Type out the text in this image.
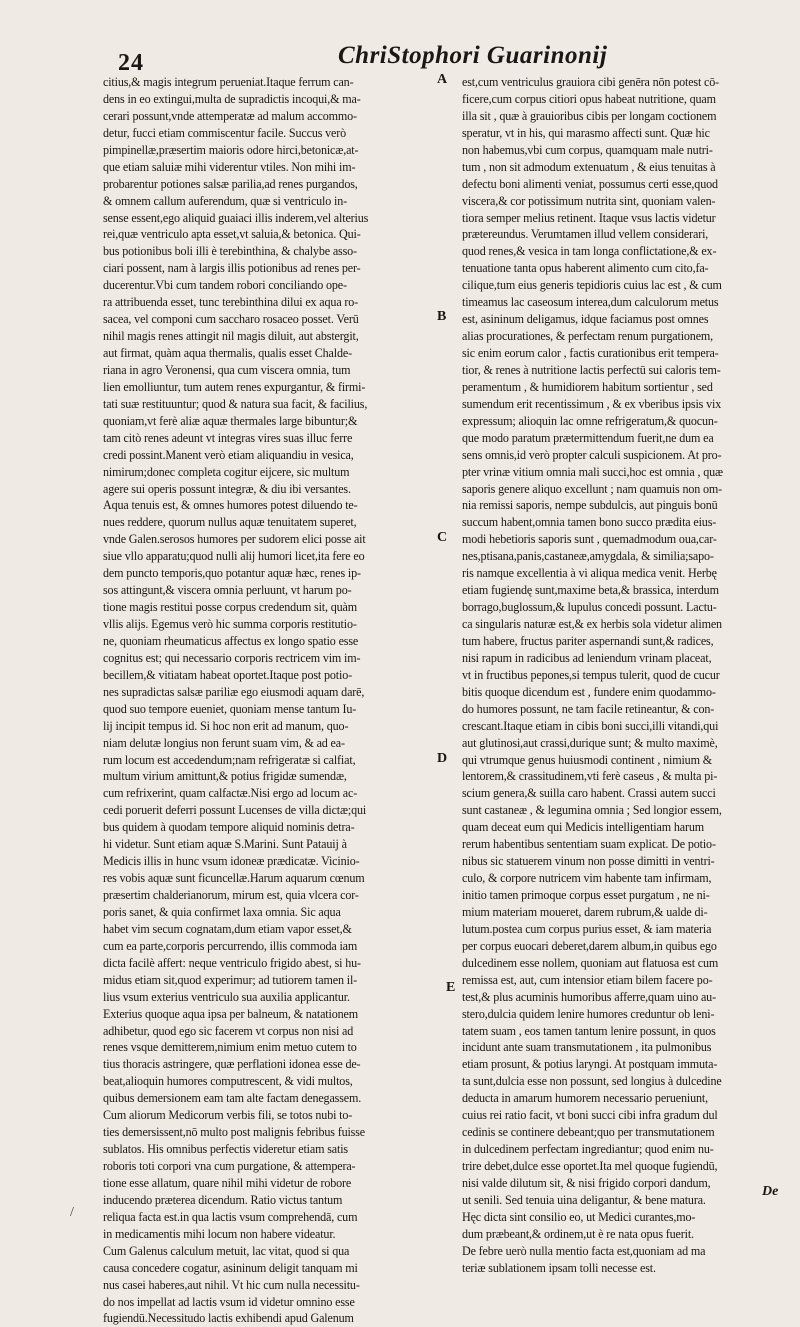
24	ChriStophori Guarinonij
citius,& magis integrum perueniat.Itaque ferrum can-
dens in eo extingui,multa de supradictis incoqui,& ma-
cerari possunt,vnde attemperatæ ad malum accommo-
detur, fucci etiam commiscentur facile. Succus verò
pimpinellæ,præsertim maioris odore hirci,betonicæ,at-
que etiam saluiæ mihi viderentur vtiles. Non mihi im-
probarentur potiones salsæ parilia,ad renes purgandos,
& omnem callum auferendum, quæ si ventriculo in-
sense essent,ego aliquid guaiaci illis inderem,vel alterius
rei,quæ ventriculo apta esset,vt saluia,& betonica. Qui-
bus potionibus boli illi è terebinthina, & chalybe asso-
ciari possent, nam à largis illis potionibus ad renes per-
ducerentur.Vbi cum tandem robori conciliando ope-
ra attribuenda esset, tunc terebinthina dilui ex aqua ro-
sacea, vel componi cum saccharo rosaceo posset. Verū
nihil magis renes attingit nil magis diluit, aut abstergit,
aut firmat, quàm aqua thermalis, qualis esset Chalde-
riana in agro Veronensi, qua cum viscera omnia, tum
lien emolliuntur, tum autem renes expurgantur, & firmi-
tati suæ restituuntur; quod & natura sua facit, & facilius,
quoniam,vt ferè aliæ aquæ thermales large bibuntur;&
tam citò renes adeunt vt integras vires suas illuc ferre
credi possint.Manent verò etiam aliquandiu in vesica,
nimirum;donec completa cogitur eijcere, sic multum
agere sui operis possunt integræ, & diu ibi versantes.
Aqua tenuis est, & omnes humores potest diluendo te-
nues reddere, quorum nullus aquæ tenuitatem superet,
vnde Galen.serosos humores per sudorem elici posse ait
siue vllo apparatu;quod nulli alij humori licet,ita fere eo
dem puncto temporis,quo potantur aquæ hæc, renes ip-
sos attingunt,& viscera omnia perluunt, vt harum po-
tione magis restitui posse corpus credendum sit, quàm
vllis alijs. Egemus verò hic summa corporis restitutio-
ne, quoniam rheumaticus affectus ex longo spatio esse
cognitus est; qui necessario corporis rectricem vim im-
becillem,& vitiatam habeat oportet.Itaque post potio-
nes supradictas salsæ pariliæ ego eiusmodi aquam darē,
quod suo tempore eueniet, quoniam mense tantum Iu-
lij incipit tempus id. Si hoc non erit ad manum, quo-
niam delutæ longius non ferunt suam vim, & ad ea-
rum locum est accedendum;nam refrigeratæ si calfiat,
multum virium amittunt,& potius frigidæ sumendæ,
cum refrixerint, quam calfactæ.Nisi ergo ad locum ac-
cedi poruerit deferri possunt Lucenses de villa dictæ;qui
bus quidem à quodam tempore aliquid nominis detra-
hi videtur. Sunt etiam aquæ S.Marini. Sunt Patauij à
Medicis illis in hunc vsum idoneæ prædicatæ. Vicinio-
res vobis aquæ sunt ficuncellæ.Harum aquarum cœnum
præsertim chalderianorum, mirum est, quia vlcera cor-
poris sanet, & quia confirmet laxa omnia. Sic aqua
habet vim secum cognatam,dum etiam vapor esset,&
cum ea parte,corporis percurrendo, illis commoda iam
dicta facilè affert: neque ventriculo frigido abest, si hu-
midus etiam sit,quod experimur; ad tutiorem tamen il-
lius vsum exterius ventriculo sua auxilia applicantur.
Exterius quoque aqua ipsa per balneum, & natationem
adhibetur, quod ego sic facerem vt corpus non nisi ad
renes vsque demitterem,nimium enim metuo cutem to
tius thoracis astringere, quæ perflationi idonea esse de-
beat,alioquin humores computrescent, & vidi multos,
quibus demersionem eam tam alte factam denegassem.
Cum aliorum Medicorum verbis fili, se totos nubi to-
ties demersissent,nō multo post malignis febribus fuisse
sublatos. His omnibus perfectis videretur etiam satis
roboris toti corpori vna cum purgatione, & attempera-
tione esse allatum, quare nihil mihi videtur de robore
inducendo præterea dicendum. Ratio victus tantum
reliqua facta est.in qua lactis vsum comprehendā, cum
in medicamentis mihi locum non habere videatur.
Cum Galenus calculum metuit, lac vitat, quod si qua
causa concedere cogatur, asininum deligit tanquam mi
nus casei haberes,aut nihil. Vt hic cum nulla necessitu-
do nos impellat ad lactis vsum id videtur omnino esse
fugiendū.Necessitudo lactis exhibendi apud Galenum
est,cum ventriculus grauiora cibi genēra nōn potest cō-
ficere,cum corpus citiori opus habeat nutritione, quam
illa sit , quæ à grauioribus cibis per longam coctionem
speratur, vt in his, qui marasmo affecti sunt. Quæ hic
non habemus,vbi cum corpus, quamquam male nutri-
tum , non sit admodum extenuatum , & eius tenuitas à
defectu boni alimenti veniat, possumus certi esse,quod
viscera,& cor potissimum nutrita sint, quoniam valen-
tiora semper melius retinent. Itaque vsus lactis videtur
prætereundus. Verumtamen illud vellem considerari,
quod renes,& vesica in tam longa conflictatione,& ex-
tenuatione tanta opus haberent alimento cum cito,fa-
cilique,tum eius generis tepidioris cuius lac est , & cum
timeamus lac caseosum interea,dum calculorum metus
est, asininum deligamus, idque faciamus post omnes
alias procurationes, & perfectam renum purgationem,
sic enim eorum calor , factis curationibus erit tempera-
tior, & renes à nutritione lactis perfectū sui caloris tem-
peramentum , & humidiorem habitum sortientur , sed
sumendum erit recentissimum , & ex vberibus ipsis vix
expressum; alioquin lac omne refrigeratum,& quocun-
que modo paratum prætermittendum fuerit,ne dum ea
sens omnis,id verò propter calculi suspicionem. At pro-
pter vrinæ vitium omnia mali succi,hoc est omnia , quæ
saporis genere aliquo excellunt ; nam quamuis non om-
nia remissi saporis, nempe subdulcis, aut pinguis bonū
succum habent,omnia tamen bono succo prædita eius-
modi hebetioris saporis sunt , quemadmodum oua,car-
nes,ptisana,panis,castaneæ,amygdala, & similia;sapo-
ris namque excellentia à vi aliqua medica venit. Herbę
etiam fugiendę sunt,maxime beta,& brassica, interdum
borrago,buglossum,& lupulus concedi possunt. Lactu-
ca singularis naturæ est,& ex herbis sola videtur alimen
tum habere, fructus pariter aspernandi sunt,& radices,
nisi rapum in radicibus ad leniendum vrinam placeat,
vt in fructibus pepones,si tempus tulerit, quod de cucur
bitis quoque dicendum est , fundere enim quodammo-
do humores possunt, ne tam facile retineantur, & con-
crescant.Itaque etiam in cibis boni succi,illi vitandi,qui
aut glutinosi,aut crassi,durique sunt; & multo maximè,
qui vtrumque genus huiusmodi continent , nimium &
lentorem,& crassitudinem,vti ferè caseus , & multa pi-
scium genera,& suilla caro habent. Crassi autem succi
sunt castaneæ , & legumina omnia ; Sed longior essem,
quam deceat eum qui Medicis intelligentiam harum
rerum habentibus sententiam suam explicat. De potio-
nibus sic statuerem vinum non posse dimitti in ventri-
culo, & corpore nutricem vim habente tam infirmam,
initio tamen primoque corpus esset purgatum , ne ni-
mium materiam moueret, darem rubrum,& ualde di-
lutum.postea cum corpus purius esset, & iam materia
per corpus euocari deberet,darem album,in quibus ego
dulcedinem esse nollem, quoniam aut flatuosa est cum
remissa est, aut, cum intensior etiam bilem facere po-
test,& plus acuminis humoribus afferre,quam uino au-
stero,dulcia quidem lenire humores creduntur ob leni-
tatem suam , eos tamen tantum lenire possunt, in quos
incidunt ante suam transmutationem , ita pulmonibus
etiam prosunt, & potius laryngi. At postquam immuta-
ta sunt,dulcia esse non possunt, sed longius à dulcedine
deducta in amarum humorem necessario perueniunt,
cuius rei ratio facit, vt boni succi cibi infra gradum dul
cedinis se continere debeant;quo per transmutationem
in dulcedinem perfectam ingrediantur; quod enim nu-
trire debet,dulce esse oportet.Ita mel quoque fugiendū,
nisi valde dilutum sit, & nisi frigido corpori dandum,
ut senili. Sed tenuia uina deligantur, & bene matura.
Hęc dicta sint consilio eo, ut Medici curantes,mo-
dum præbeant,& ordinem,ut è re nata opus fuerit.
De febre uerò nulla mentio facta est,quoniam ad ma
teriæ sublationem ipsam tolli necesse est.
A
B
C
D
E
De
/
